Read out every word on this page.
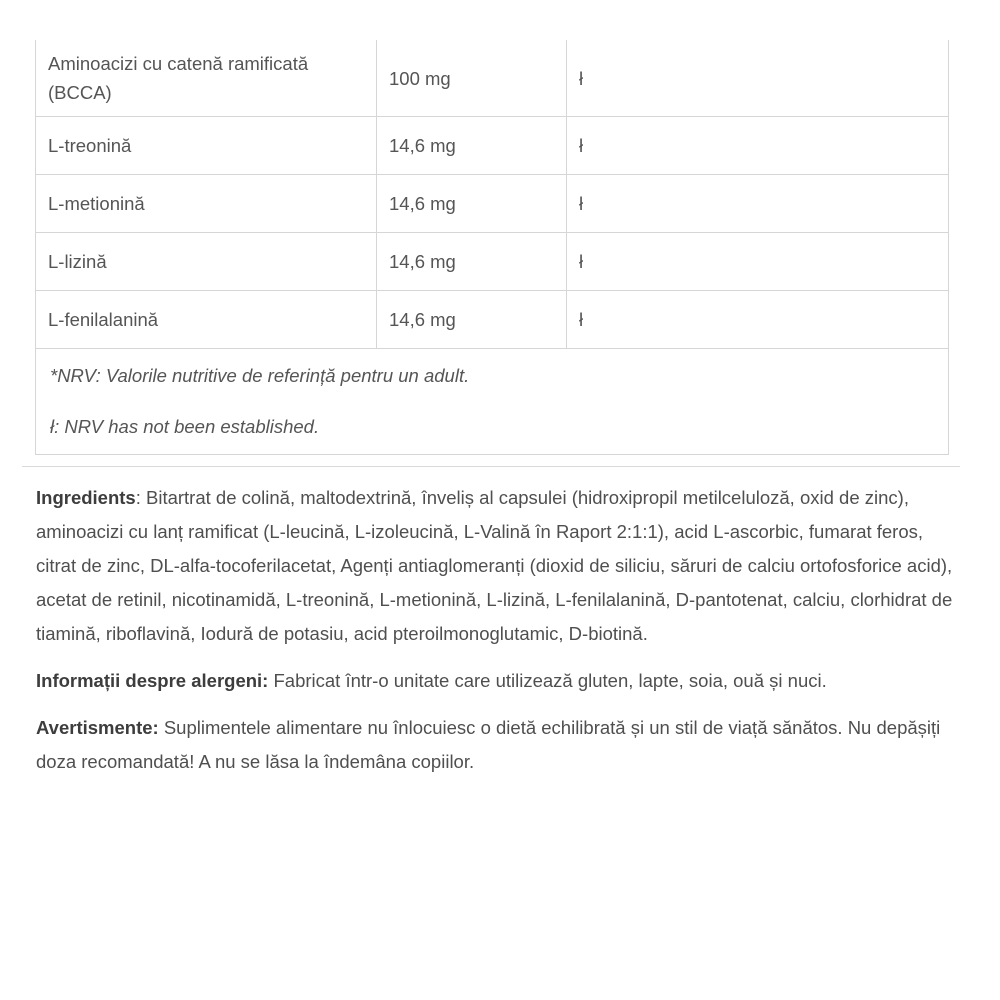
Aminoacizi cu catenă ramificată (BCCA)	100 mg	ł
L-treonină	14,6 mg	ł
L-metionină	14,6 mg	ł
L-lizină	14,6 mg	ł
L-fenilalanină	14,6 mg	ł

*NRV: Valorile nutritive de referință pentru un adult.
ł: NRV has not been established.		

Ingredients: Bitartrat de colină, maltodextrină, înveliș al capsulei (hidroxipropil metilceluloză, oxid de zinc), aminoacizi cu lanț ramificat (L-leucină, L-izoleucină, L-Valină în Raport 2:1:1), acid L-ascorbic, fumarat feros, citrat de zinc, DL-alfa-tocoferilacetat, Agenți antiaglomeranți (dioxid de siliciu, săruri de calciu ortofosforice acid), acetat de retinil, nicotinamidă, L-treonină, L-metionină, L-lizină, L-fenilalanină, D-pantotenat, calciu, clorhidrat de tiamină, riboflavină, Iodură de potasiu, acid pteroilmonoglutamic, D-biotină.

Informații despre alergeni: Fabricat într-o unitate care utilizează gluten, lapte, soia, ouă și nuci.

Avertismente: Suplimentele alimentare nu înlocuiesc o dietă echilibrată și un stil de viață sănătos. Nu depășiți doza recomandată! A nu se lăsa la îndemâna copiilor.
